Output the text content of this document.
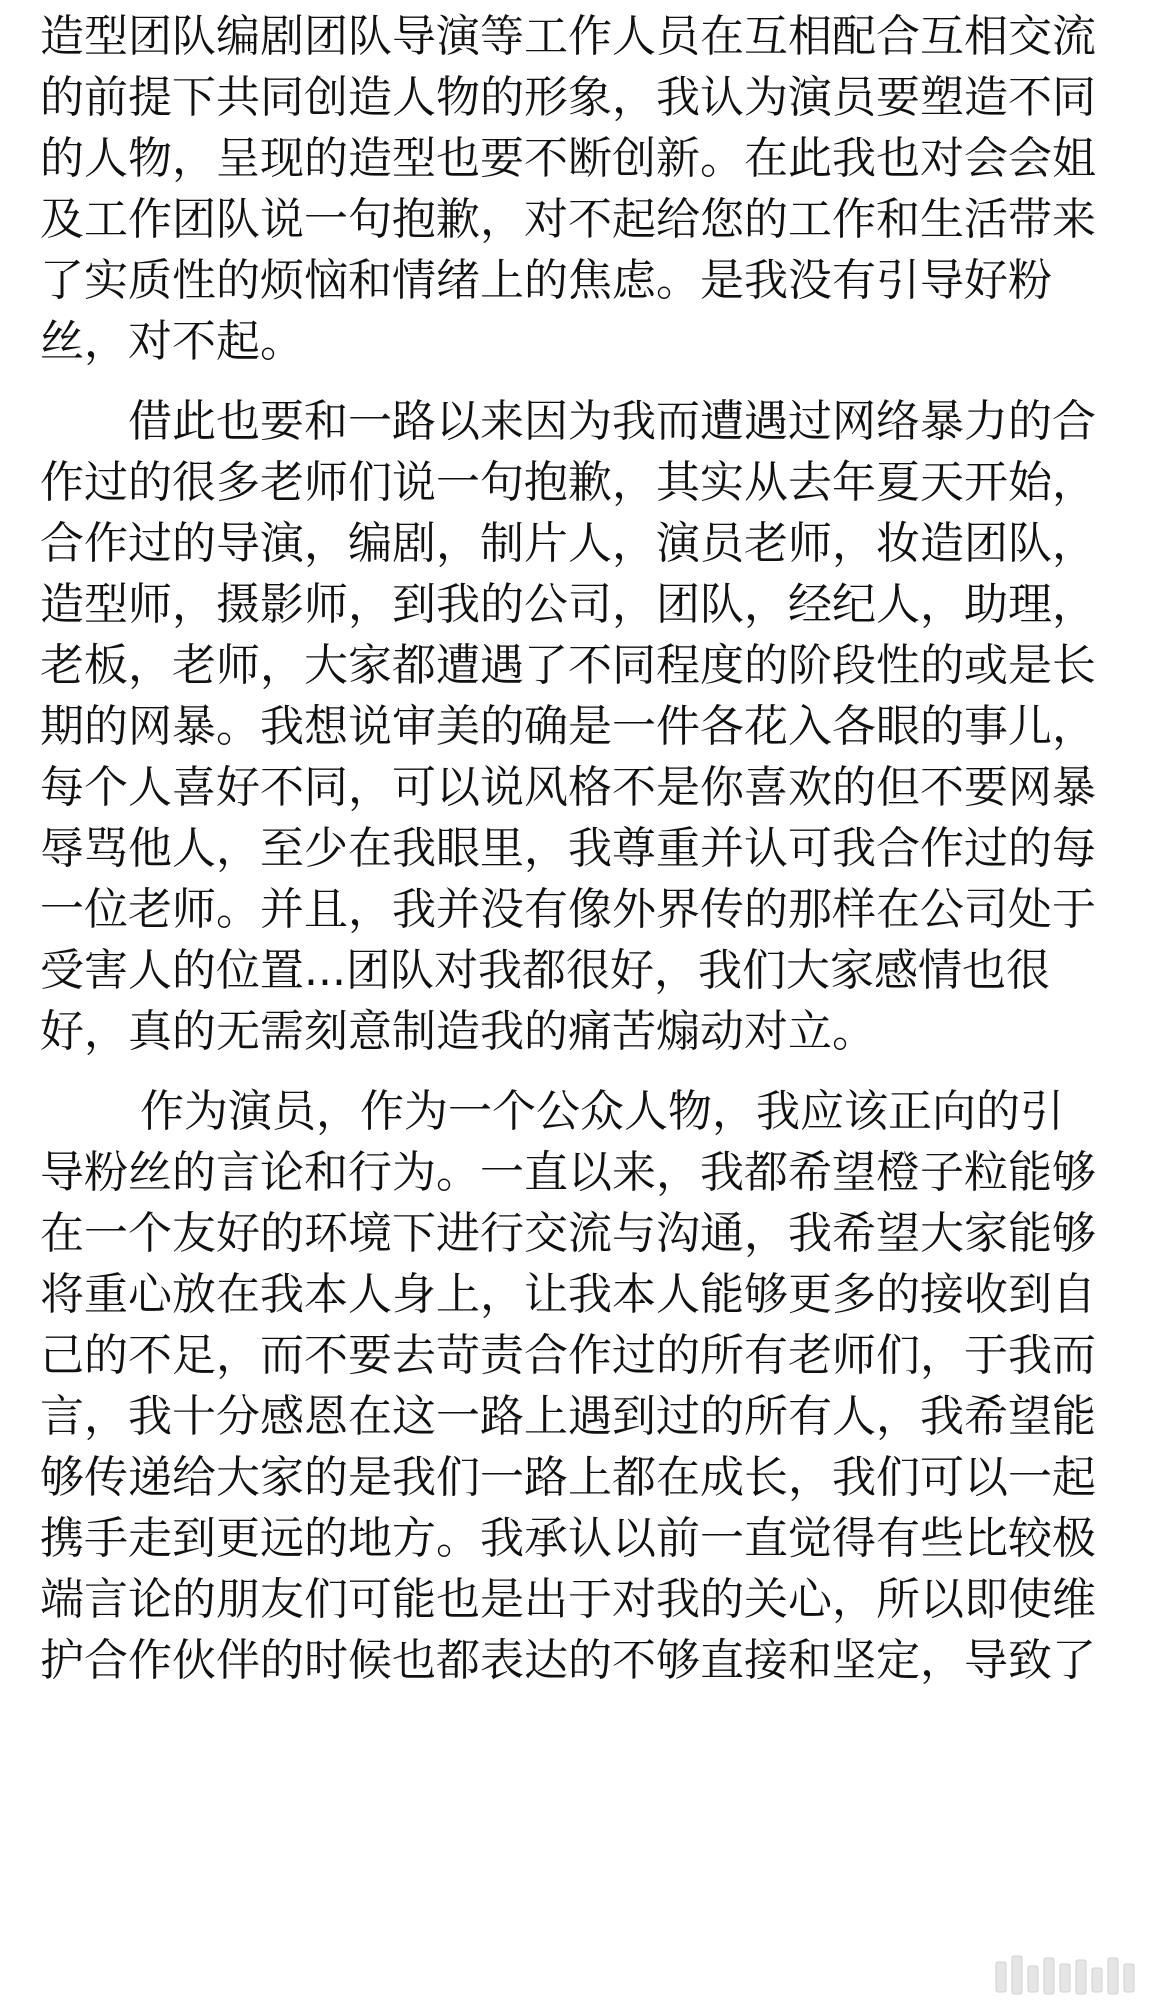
造型团队编剧团队导演等工作人员在互相配合互相交流的前提下共同创造人物的形象，我认为演员要塑造不同的人物，呈现的造型也要不断创新。在此我也对会会姐及工作团队说一句抱歉，对不起给您的工作和生活带来了实质性的烦恼和情绪上的焦虑。是我没有引导好粉丝，对不起。

借此也要和一路以来因为我而遭遇过网络暴力的合作过的很多老师们说一句抱歉，其实从去年夏天开始，合作过的导演，编剧，制片人，演员老师，妆造团队，造型师，摄影师，到我的公司，团队，经纪人，助理，老板，老师，大家都遭遇了不同程度的阶段性的或是长期的网暴。我想说审美的确是一件各花入各眼的事儿，每个人喜好不同，可以说风格不是你喜欢的但不要网暴辱骂他人，至少在我眼里，我尊重并认可我合作过的每一位老师。并且，我并没有像外界传的那样在公司处于受害人的位置...团队对我都很好，我们大家感情也很好，真的无需刻意制造我的痛苦煽动对立。

作为演员，作为一个公众人物，我应该正向的引导粉丝的言论和行为。一直以来，我都希望橙子粒能够在一个友好的环境下进行交流与沟通，我希望大家能够将重心放在我本人身上，让我本人能够更多的接收到自己的不足，而不要去苛责合作过的所有老师们，于我而言，我十分感恩在这一路上遇到过的所有人，我希望能够传递给大家的是我们一路上都在成长，我们可以一起携手走到更远的地方。我承认以前一直觉得有些比较极端言论的朋友们可能也是出于对我的关心，所以即使维护合作伙伴的时候也都表达的不够直接和坚定，导致了
